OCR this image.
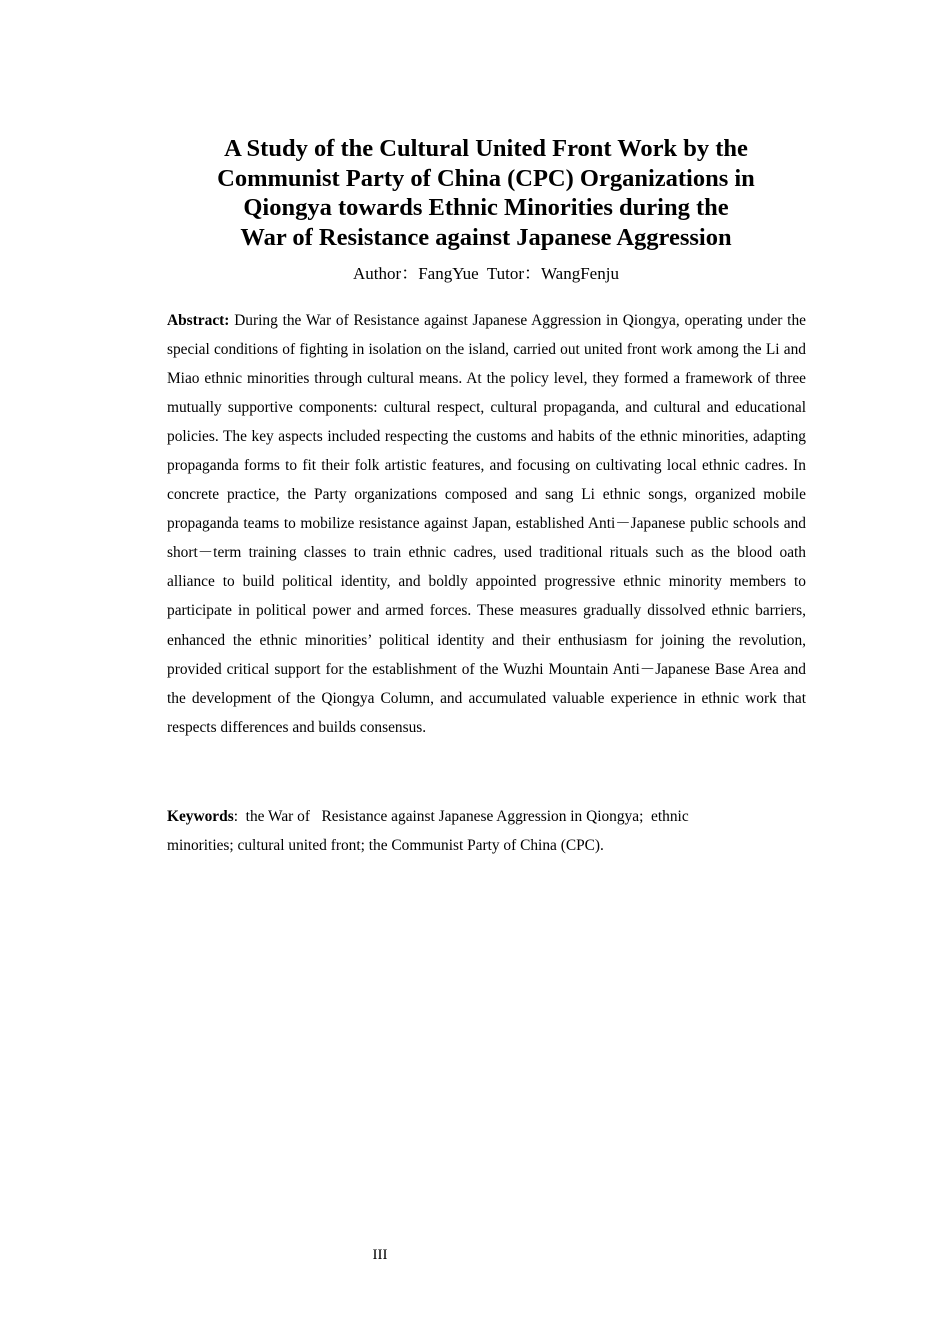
A Study of the Cultural United Front Work by the
Communist Party of China (CPC) Organizations in
Qiongya towards Ethnic Minorities during the
War of Resistance against Japanese Aggression
Author：FangYue  Tutor：WangFenju

Abstract: During the War of Resistance against Japanese Aggression in Qiongya, operating under the special conditions of fighting in isolation on the island, carried out united front work among the Li and Miao ethnic minorities through cultural means. At the policy level, they formed a framework of three mutually supportive components: cultural respect, cultural propaganda, and cultural and educational policies. The key aspects included respecting the customs and habits of the ethnic minorities, adapting propaganda forms to fit their folk artistic features, and focusing on cultivating local ethnic cadres. In concrete practice, the Party organizations composed and sang Li ethnic songs, organized mobile propaganda teams to mobilize resistance against Japan, established Anti－Japanese public schools and short－term training classes to train ethnic cadres, used traditional rituals such as the blood oath alliance to build political identity, and boldly appointed progressive ethnic minority members to participate in political power and armed forces. These measures gradually dissolved ethnic barriers, enhanced the ethnic minorities’ political identity and their enthusiasm for joining the revolution, provided critical support for the establishment of the Wuzhi Mountain Anti－Japanese Base Area and the development of the Qiongya Column, and accumulated valuable experience in ethnic work that respects differences and builds consensus.

Keywords:  the War of   Resistance against Japanese Aggression in Qiongya;  ethnic
minorities; cultural united front; the Communist Party of China (CPC).

III
